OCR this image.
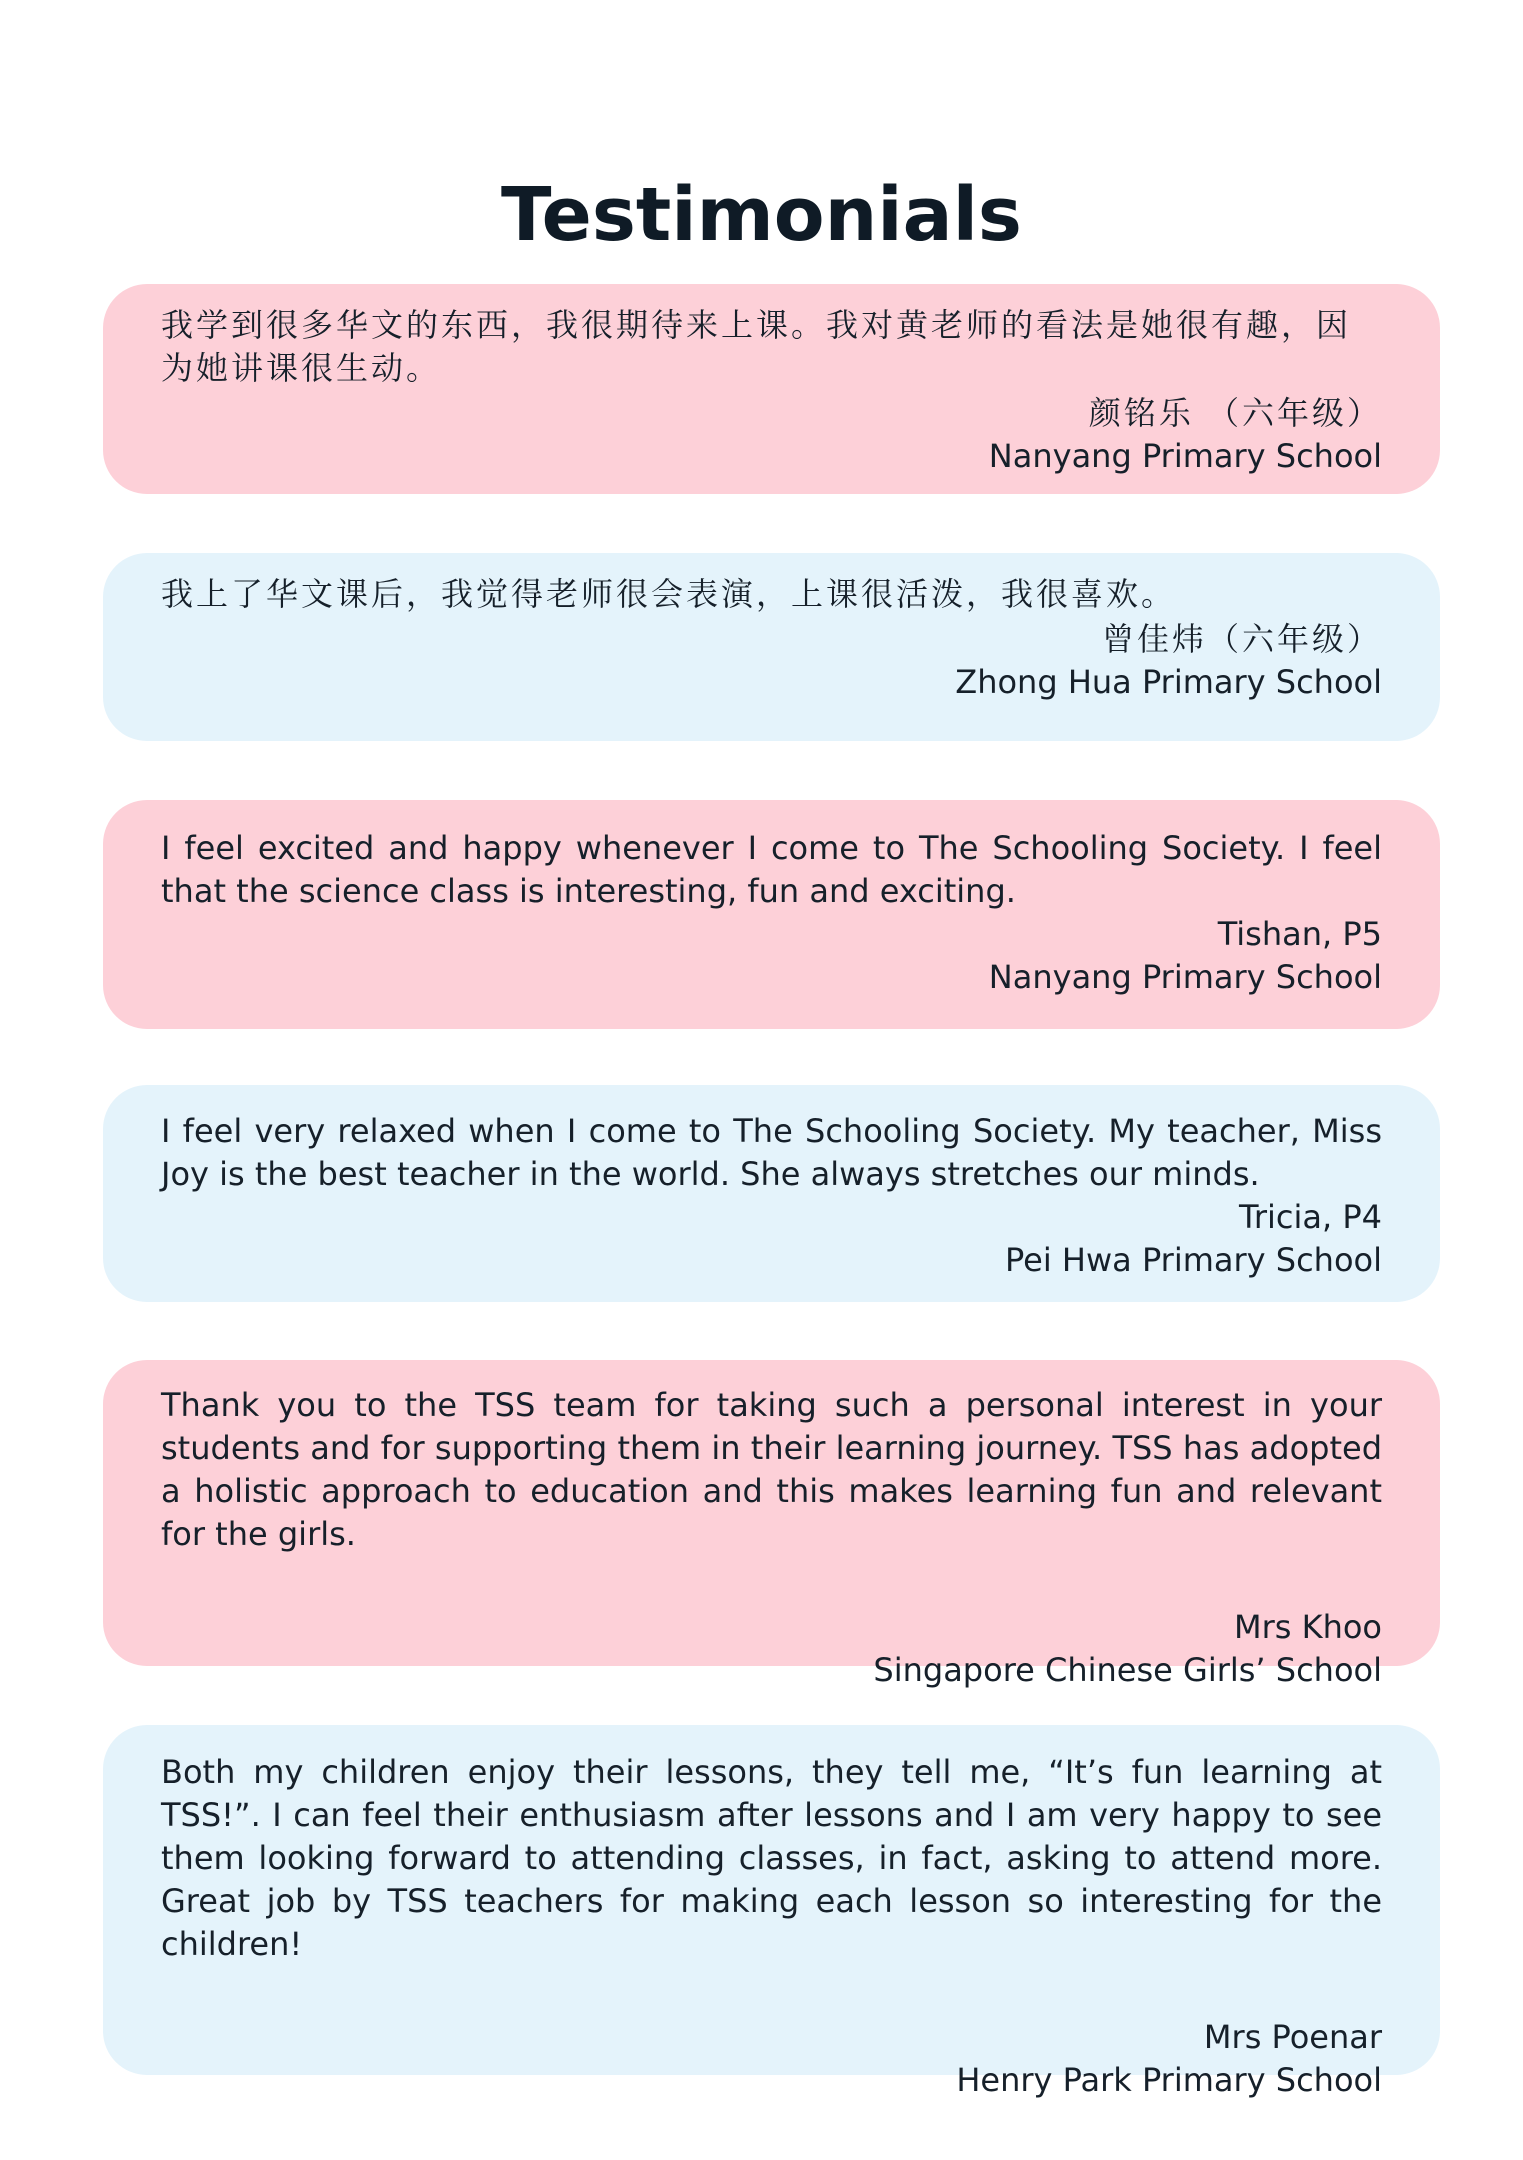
Testimonials

我学到很多华文的东西，我很期待来上课。我对黄老师的看法是她很有趣，因为她讲课很生动。

颜铭乐 （六年级）
Nanyang Primary School

我上了华文课后，我觉得老师很会表演，上课很活泼，我很喜欢。

曾佳炜（六年级）
Zhong Hua Primary School

I feel excited and happy whenever I come to The Schooling Society. I feel that the science class is interesting, fun and exciting.

Tishan, P5
Nanyang Primary School

I feel very relaxed when I come to The Schooling Society. My teacher, Miss Joy is the best teacher in the world. She always stretches our minds.

Tricia, P4
Pei Hwa Primary School

Thank you to the TSS team for taking such a personal interest in your students and for supporting them in their learning journey. TSS has adopted a holistic approach to education and this makes learning fun and relevant for the girls.

Mrs Khoo
Singapore Chinese Girls’ School

Both my children enjoy their lessons, they tell me, “It’s fun learning at TSS!”. I can feel their enthusiasm after lessons and I am very happy to see them looking forward to attending classes, in fact, asking to attend more. Great job by TSS teachers for making each lesson so interesting for the children!

Mrs Poenar
Henry Park Primary School
